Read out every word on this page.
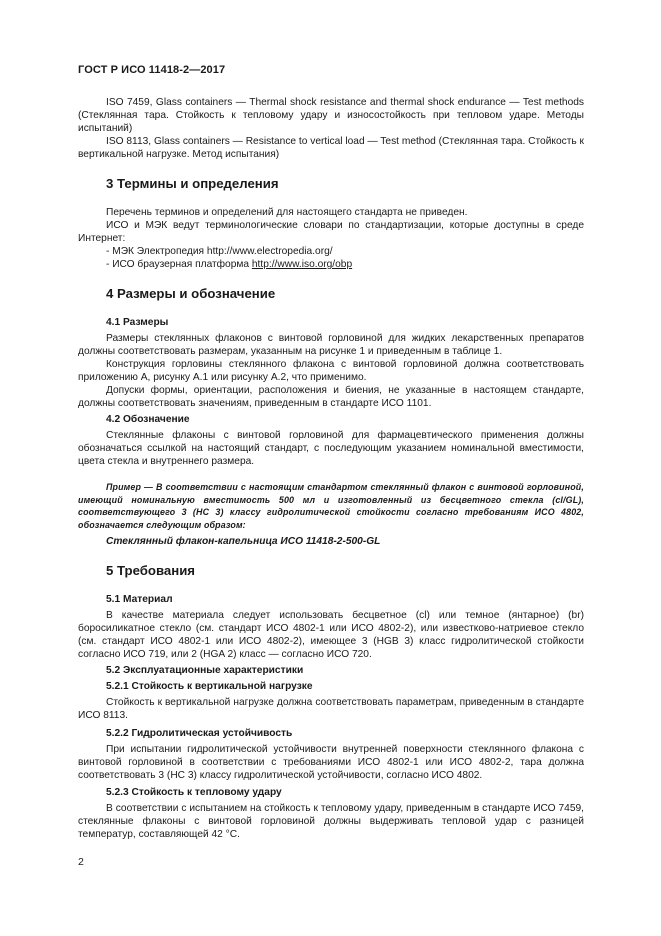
ГОСТ Р ИСО 11418-2—2017

ISO 7459, Glass containers — Thermal shock resistance and thermal shock endurance — Test methods (Стеклянная тара. Стойкость к тепловому удару и износостойкость при тепловом ударе. Методы испытаний)

ISO 8113, Glass containers — Resistance to vertical load — Test method (Стеклянная тара. Стойкость к вертикальной нагрузке. Метод испытания)

3 Термины и определения

Перечень терминов и определений для настоящего стандарта не приведен.

ИСО и МЭК ведут терминологические словари по стандартизации, которые доступны в среде Интернет:

- МЭК Электропедия http://www.electropedia.org/

- ИСО браузерная платформа http://www.iso.org/obp

4 Размеры и обозначение

4.1 Размеры

Размеры стеклянных флаконов с винтовой горловиной для жидких лекарственных препаратов должны соответствовать размерам, указанным на рисунке 1 и приведенным в таблице 1.

Конструкция горловины стеклянного флакона с винтовой горловиной должна соответствовать приложению А, рисунку А.1 или рисунку А.2, что применимо.

Допуски формы, ориентации, расположения и биения, не указанные в настоящем стандарте, должны соответствовать значениям, приведенным в стандарте ИСО 1101.

4.2 Обозначение

Стеклянные флаконы с винтовой горловиной для фармацевтического применения должны обозначаться ссылкой на настоящий стандарт, с последующим указанием номинальной вместимости, цвета стекла и внутреннего размера.

Пример — В соответствии с настоящим стандартом стеклянный флакон с винтовой горловиной, имеющий номинальную вместимость 500 мл и изготовленный из бесцветного стекла (cl/GL), соответствующего 3 (НС 3) классу гидролитической стойкости согласно требованиям ИСО 4802, обозначается следующим образом:

Стеклянный флакон-капельница ИСО 11418-2-500-GL

5 Требования

5.1 Материал

В качестве материала следует использовать бесцветное (cl) или темное (янтарное) (br) боросиликатное стекло (см. стандарт ИСО 4802-1 или ИСО 4802-2), или известково-натриевое стекло (см. стандарт ИСО 4802-1 или ИСО 4802-2), имеющее 3 (HGB 3) класс гидролитической стойкости согласно ИСО 719, или 2 (HGA 2) класс — согласно ИСО 720.

5.2 Эксплуатационные характеристики

5.2.1 Стойкость к вертикальной нагрузке

Стойкость к вертикальной нагрузке должна соответствовать параметрам, приведенным в стандарте ИСО 8113.

5.2.2 Гидролитическая устойчивость

При испытании гидролитической устойчивости внутренней поверхности стеклянного флакона с винтовой горловиной в соответствии с требованиями ИСО 4802-1 или ИСО 4802-2, тара должна соответствовать 3 (НС 3) классу гидролитической устойчивости, согласно ИСО 4802.

5.2.3 Стойкость к тепловому удару

В соответствии с испытанием на стойкость к тепловому удару, приведенным в стандарте ИСО 7459, стеклянные флаконы с винтовой горловиной должны выдерживать тепловой удар с разницей температур, составляющей 42 °C.

2
